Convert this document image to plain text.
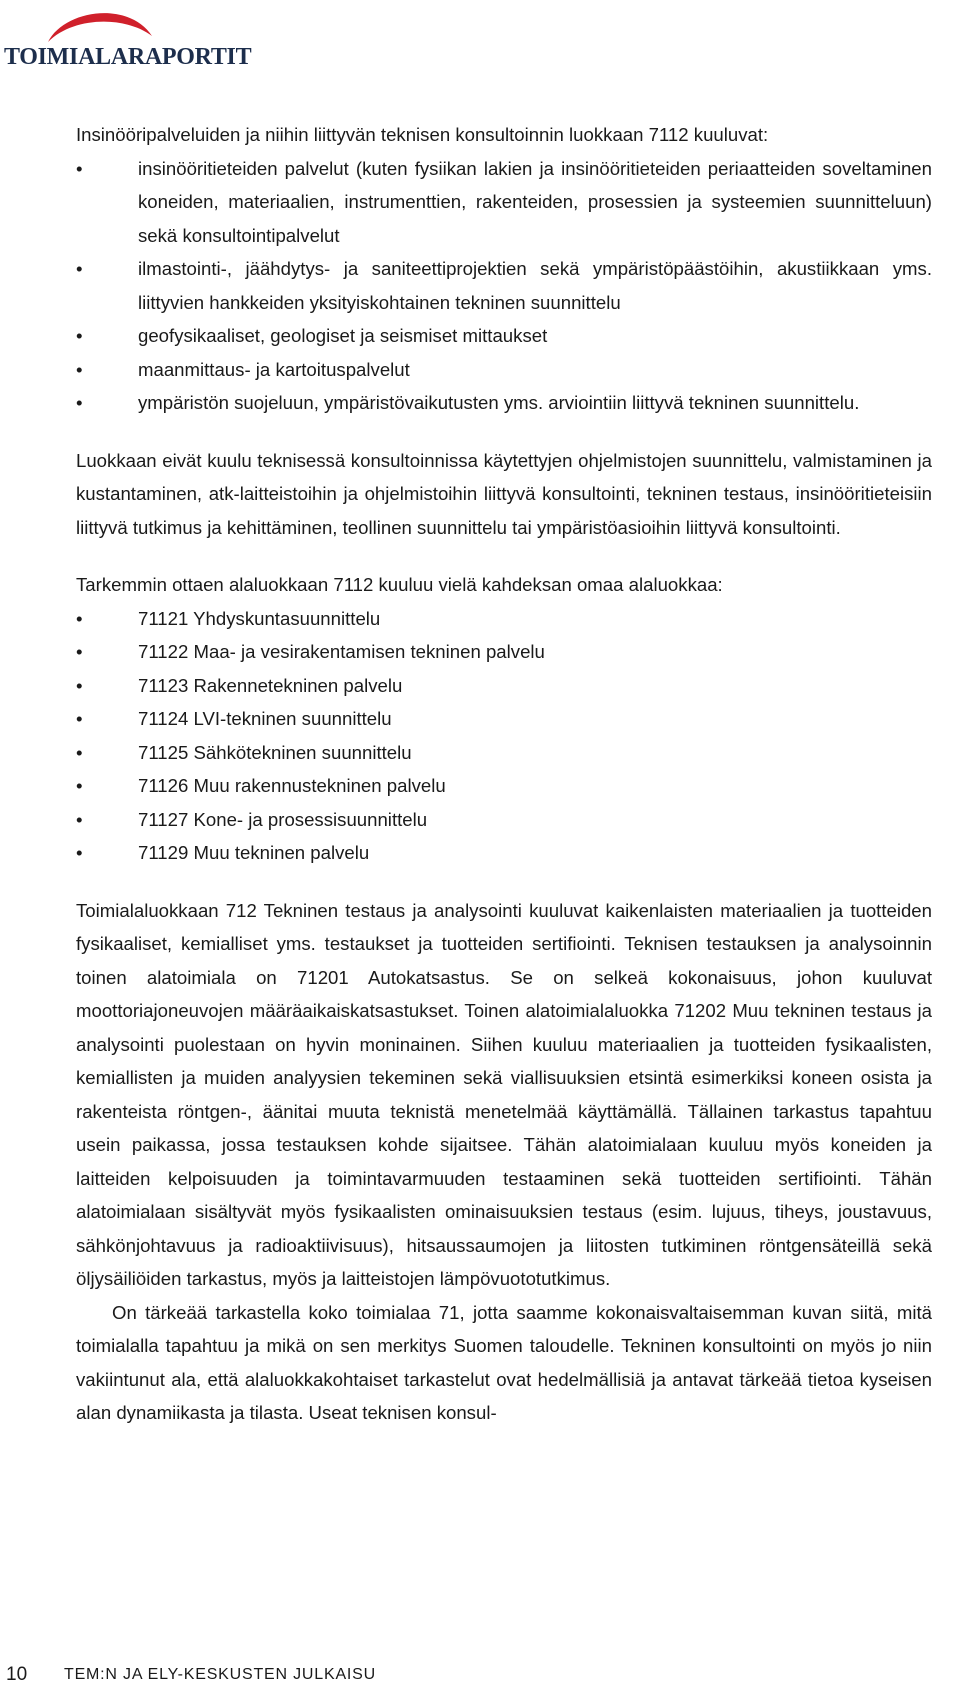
TOIMIALARAPORTIT

Insinööripalveluiden ja niihin liittyvän teknisen konsultoinnin luokkaan 7112 kuuluvat:

•	insinööritieteiden palvelut (kuten fysiikan lakien ja insinööritieteiden periaatteiden soveltaminen koneiden, materiaalien, instrumenttien, rakenteiden, prosessien ja systeemien suunnitteluun) sekä konsultointipalvelut
•	ilmastointi-, jäähdytys- ja saniteettiprojektien sekä ympäristöpäästöihin, akustiikkaan yms. liittyvien hankkeiden yksityiskohtainen tekninen suunnittelu
•	geofysikaaliset, geologiset ja seismiset mittaukset
•	maanmittaus- ja kartoituspalvelut
•	ympäristön suojeluun, ympäristövaikutusten yms. arviointiin liittyvä tekninen suunnittelu.

Luokkaan eivät kuulu teknisessä konsultoinnissa käytettyjen ohjelmistojen suunnittelu, valmistaminen ja kustantaminen, atk-laitteistoihin ja ohjelmistoihin liittyvä konsultointi, tekninen testaus, insinööritieteisiin liittyvä tutkimus ja kehittäminen, teollinen suunnittelu tai ympäristöasioihin liittyvä konsultointi.

Tarkemmin ottaen alaluokkaan 7112 kuuluu vielä kahdeksan omaa alaluokkaa:

•	71121 Yhdyskuntasuunnittelu
•	71122 Maa- ja vesirakentamisen tekninen palvelu
•	71123 Rakennetekninen palvelu
•	71124 LVI-tekninen suunnittelu
•	71125 Sähkötekninen suunnittelu
•	71126 Muu rakennustekninen palvelu
•	71127 Kone- ja prosessisuunnittelu
•	71129 Muu tekninen palvelu

Toimialaluokkaan 712 Tekninen testaus ja analysointi kuuluvat kaikenlaisten materiaalien ja tuotteiden fysikaaliset, kemialliset yms. testaukset ja tuotteiden sertifiointi. Teknisen testauksen ja analysoinnin toinen alatoimiala on 71201 Autokatsastus. Se on selkeä kokonaisuus, johon kuuluvat moottoriajoneuvojen määräaikaiskatsastukset. Toinen alatoimialaluokka 71202 Muu tekninen testaus ja analysointi puolestaan on hyvin moninainen. Siihen kuuluu materiaalien ja tuotteiden fysikaalisten, kemiallisten ja muiden analyysien tekeminen sekä viallisuuksien etsintä esimerkiksi koneen osista ja rakenteista röntgen-, äänitai muuta teknistä menetelmää käyttämällä. Tällainen tarkastus tapahtuu usein paikassa, jossa testauksen kohde sijaitsee. Tähän alatoimialaan kuuluu myös koneiden ja laitteiden kelpoisuuden ja toimintavarmuuden testaaminen sekä tuotteiden sertifiointi. Tähän alatoimialaan sisältyvät myös fysikaalisten ominaisuuksien testaus (esim. lujuus, tiheys, joustavuus, sähkönjohtavuus ja radioaktiivisuus), hitsaussaumojen ja liitosten tutkiminen röntgensäteillä sekä öljysäiliöiden tarkastus, myös ja laitteistojen lämpövuototutkimus.

On tärkeää tarkastella koko toimialaa 71, jotta saamme kokonaisvaltaisemman kuvan siitä, mitä toimialalla tapahtuu ja mikä on sen merkitys Suomen taloudelle. Tekninen konsultointi on myös jo niin vakiintunut ala, että alaluokkakohtaiset tarkastelut ovat hedelmällisiä ja antavat tärkeää tietoa kyseisen alan dynamiikasta ja tilasta. Useat teknisen konsul-

10 TEM:N JA ELY-KESKUSTEN JULKAISU
